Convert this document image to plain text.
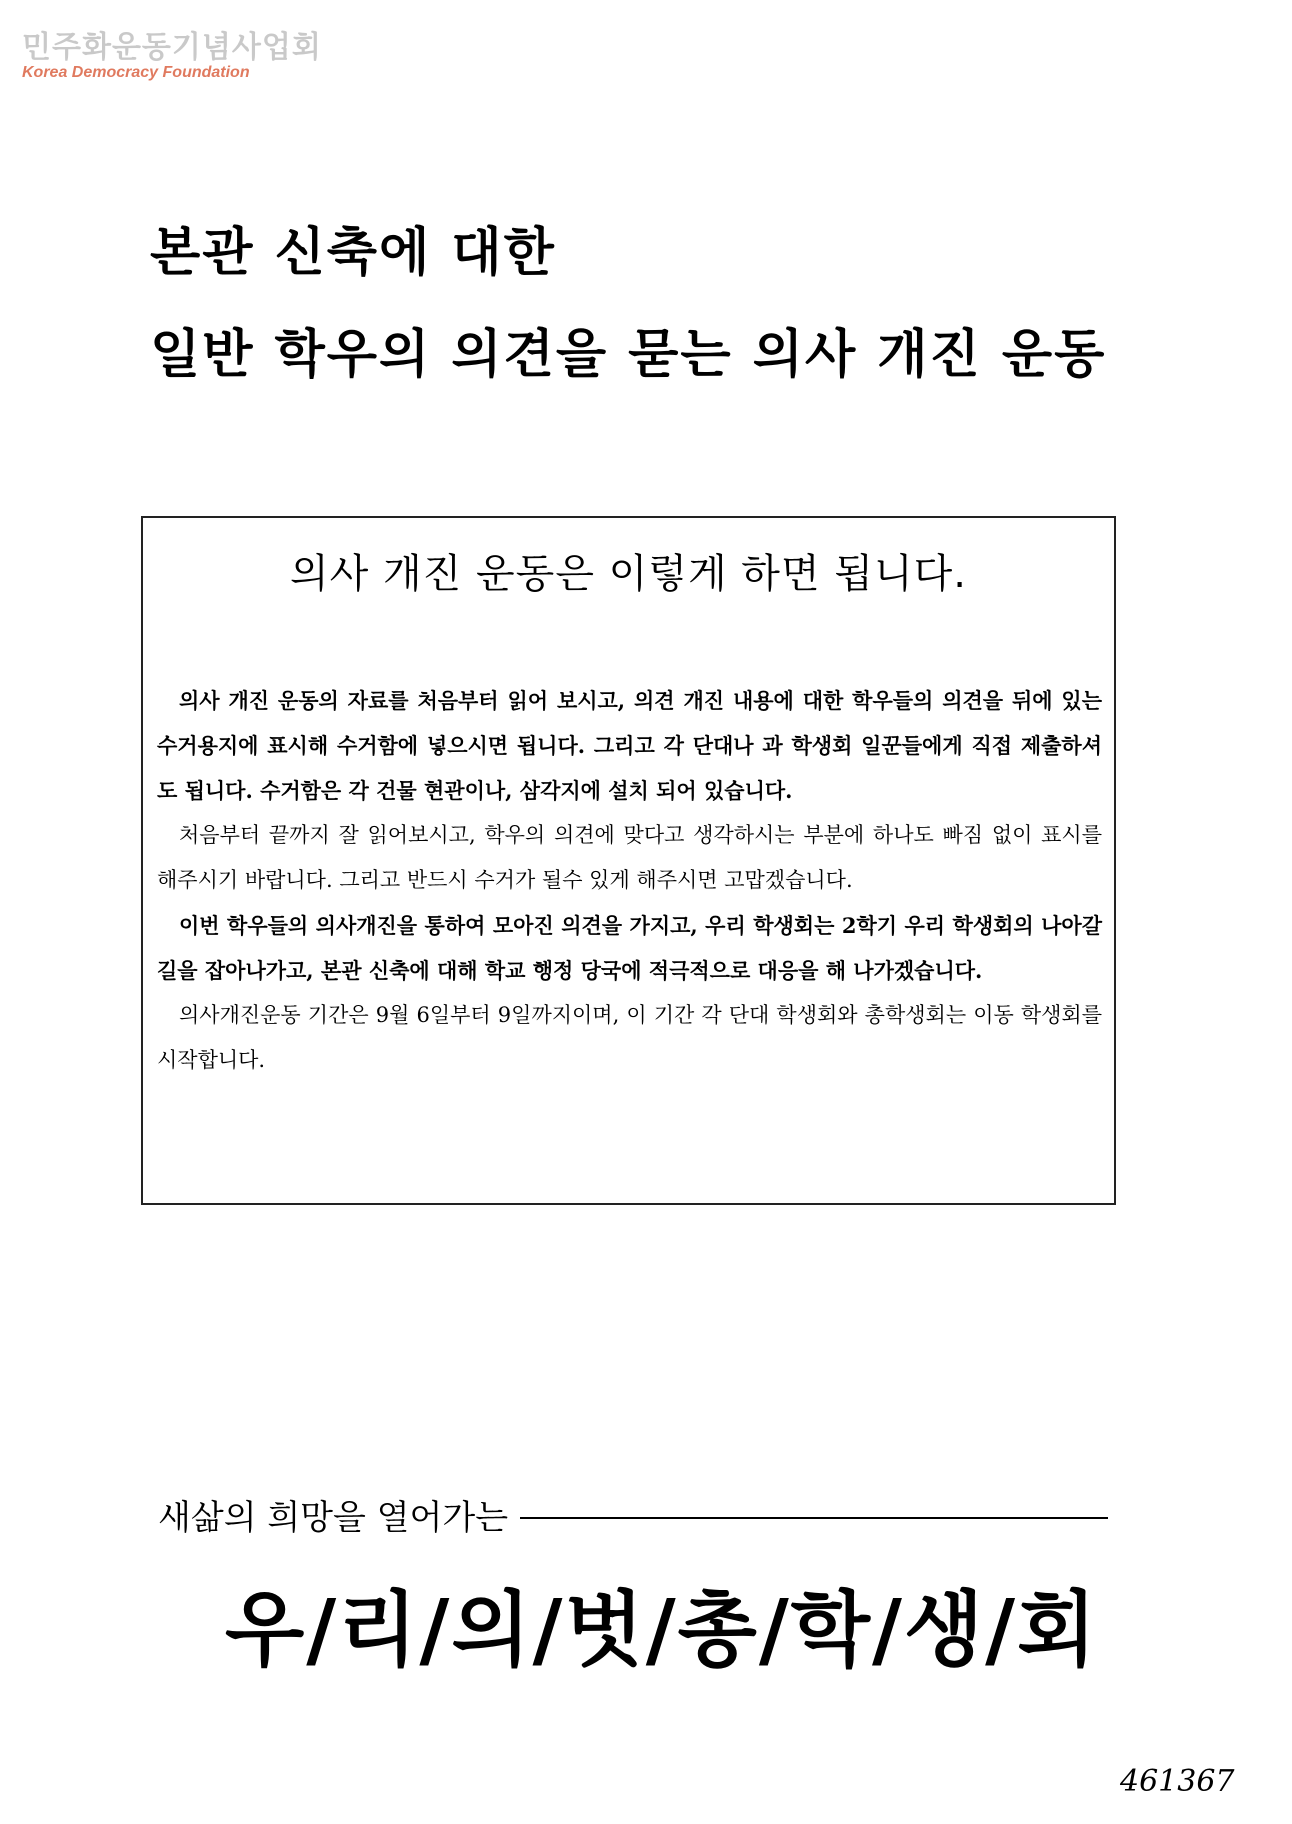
민주화운동기념사업회
Korea Democracy Foundation
본관 신축에 대한
일반 학우의 의견을 묻는 의사 개진 운동
의사 개진 운동은 이렇게 하면 됩니다.

의사 개진 운동의 자료를 처음부터 읽어 보시고, 의견 개진 내용에 대한 학우들의 의견을 뒤에 있는 수거용지에 표시해 수거함에 넣으시면 됩니다. 그리고 각 단대나 과 학생회 일꾼들에게 직접 제출하셔도 됩니다. 수거함은 각 건물 현관이나, 삼각지에 설치 되어 있습니다.

처음부터 끝까지 잘 읽어보시고, 학우의 의견에 맞다고 생각하시는 부분에 하나도 빠짐 없이 표시를 해주시기 바랍니다. 그리고 반드시 수거가 될수 있게 해주시면 고맙겠습니다.

이번 학우들의 의사개진을 통하여 모아진 의견을 가지고, 우리 학생회는 2학기 우리 학생회의 나아갈 길을 잡아나가고, 본관 신축에 대해 학교 행정 당국에 적극적으로 대응을 해 나가겠습니다.

의사개진운동 기간은 9월 6일부터 9일까지이며, 이 기간 각 단대 학생회와 총학생회는 이동 학생회를 시작합니다.

새삶의 희망을 열어가는
우/리/의/벗/총/학/생/회
461367
